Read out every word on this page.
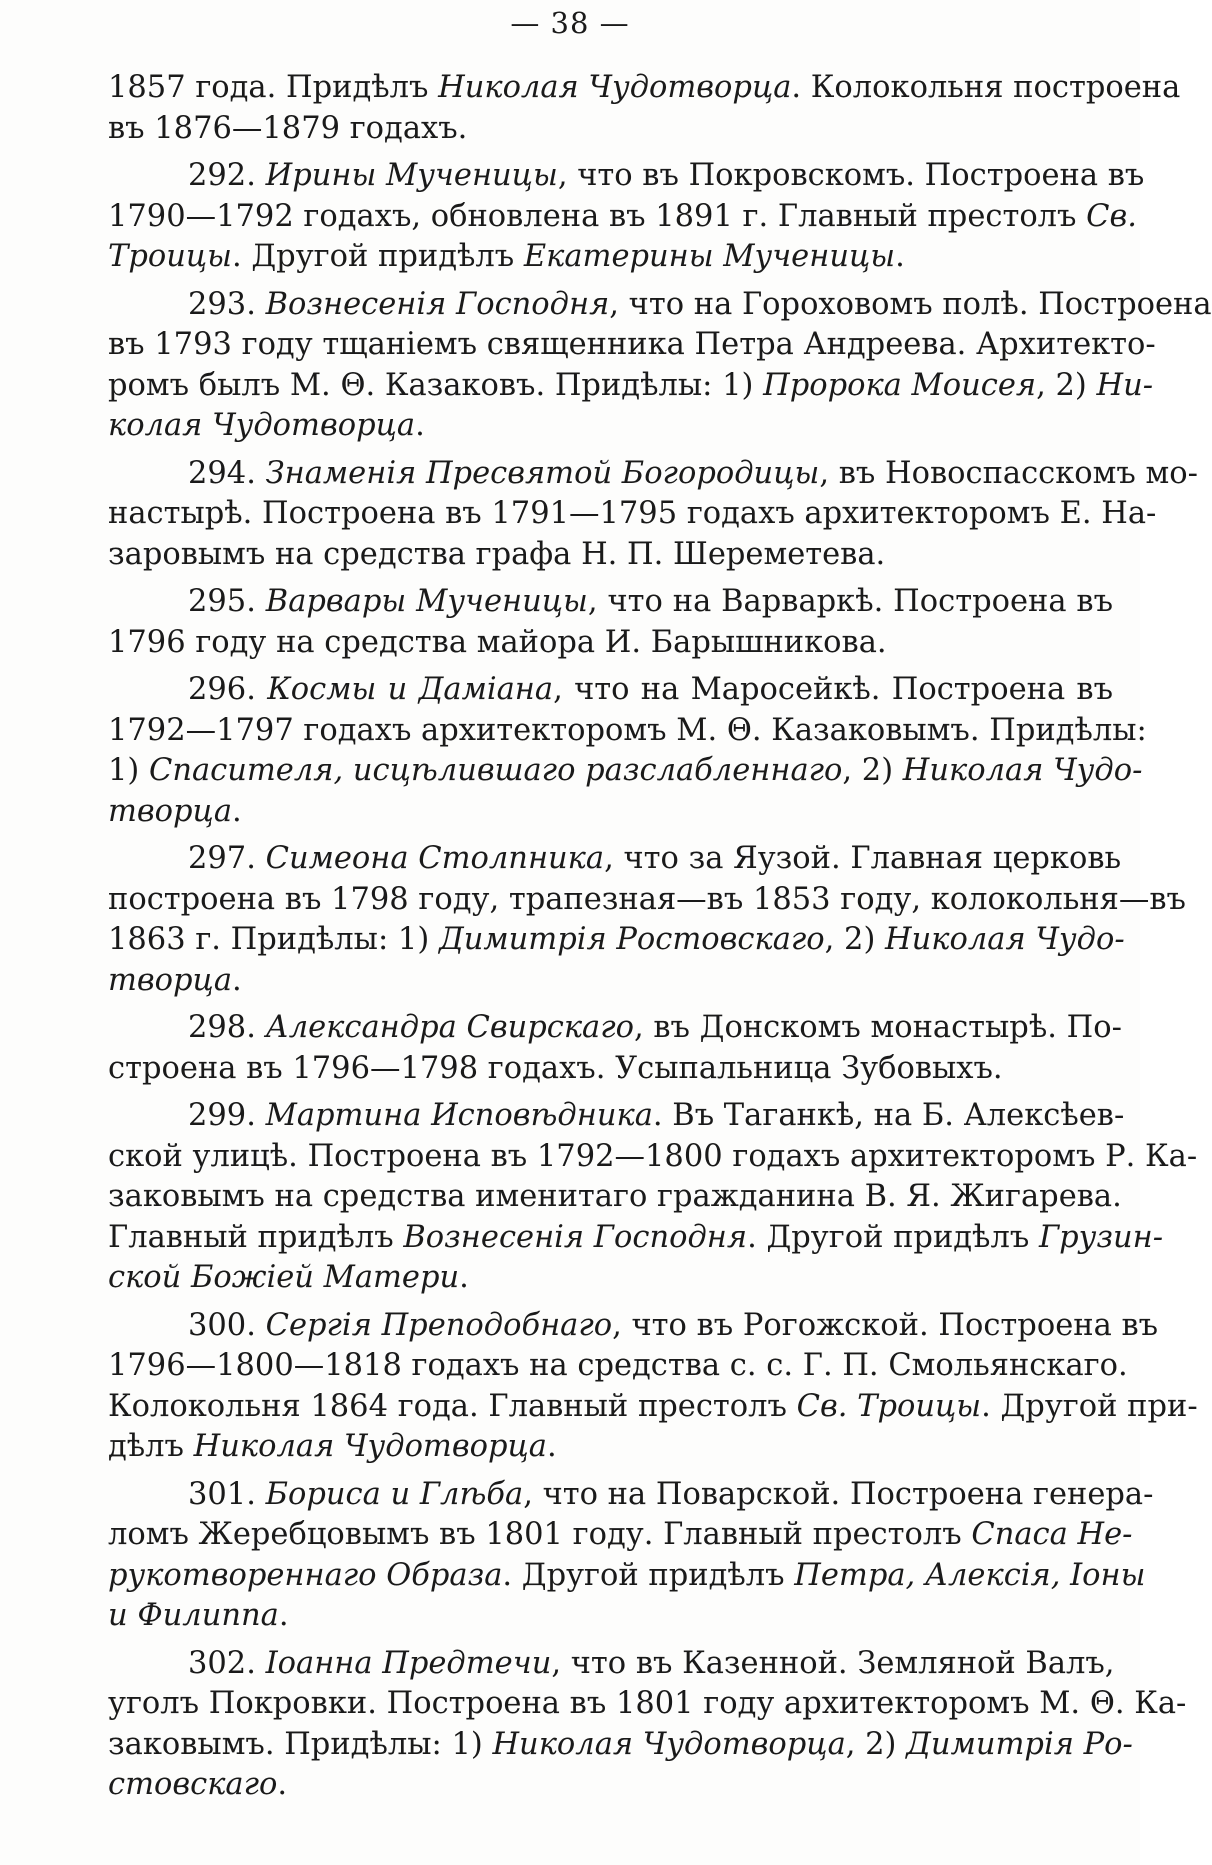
— 38 —
1857 года. Придѣлъ Николая Чудотворца. Колокольня построена
въ 1876—1879 годахъ.
292. Ирины Мученицы, что въ Покровскомъ. Построена въ
1790—1792 годахъ, обновлена въ 1891 г. Главный престолъ Св.
Троицы. Другой придѣлъ Екатерины Мученицы.
293. Вознесенія Господня, что на Гороховомъ полѣ. Построена
въ 1793 году тщаніемъ священника Петра Андреева. Архитекто-
ромъ былъ М. Θ. Казаковъ. Придѣлы: 1) Пророка Моисея, 2) Ни-
колая Чудотворца.
294. Знаменія Пресвятой Богородицы, въ Новоспасскомъ мо-
настырѣ. Построена въ 1791—1795 годахъ архитекторомъ Е. На-
заровымъ на средства графа Н. П. Шереметева.
295. Варвары Мученицы, что на Варваркѣ. Построена въ
1796 году на средства майора И. Барышникова.
296. Космы и Даміана, что на Маросейкѣ. Построена въ
1792—1797 годахъ архитекторомъ М. Θ. Казаковымъ. Придѣлы:
1) Спасителя, исцѣлившаго разслабленнаго, 2) Николая Чудо-
творца.
297. Симеона Столпника, что за Яузой. Главная церковь
построена въ 1798 году, трапезная—въ 1853 году, колокольня—въ
1863 г. Придѣлы: 1) Димитрія Ростовскаго, 2) Николая Чудо-
творца.
298. Александра Свирскаго, въ Донскомъ монастырѣ. По-
строена въ 1796—1798 годахъ. Усыпальница Зубовыхъ.
299. Мартина Исповѣдника. Въ Таганкѣ, на Б. Алексѣев-
ской улицѣ. Построена въ 1792—1800 годахъ архитекторомъ Р. Ка-
заковымъ на средства именитаго гражданина В. Я. Жигарева.
Главный придѣлъ Вознесенія Господня. Другой придѣлъ Грузин-
ской Божіей Матери.
300. Сергія Преподобнаго, что въ Рогожской. Построена въ
1796—1800—1818 годахъ на средства с. с. Г. П. Смольянскаго.
Колокольня 1864 года. Главный престолъ Св. Троицы. Другой при-
дѣлъ Николая Чудотворца.
301. Бориса и Глѣба, что на Поварской. Построена генера-
ломъ Жеребцовымъ въ 1801 году. Главный престолъ Спаса Не-
рукотвореннаго Образа. Другой придѣлъ Петра, Алексія, Іоны
и Филиппа.
302. Іоанна Предтечи, что въ Казенной. Земляной Валъ,
уголъ Покровки. Построена въ 1801 году архитекторомъ М. Θ. Ка-
заковымъ. Придѣлы: 1) Николая Чудотворца, 2) Димитрія Ро-
стовскаго.
